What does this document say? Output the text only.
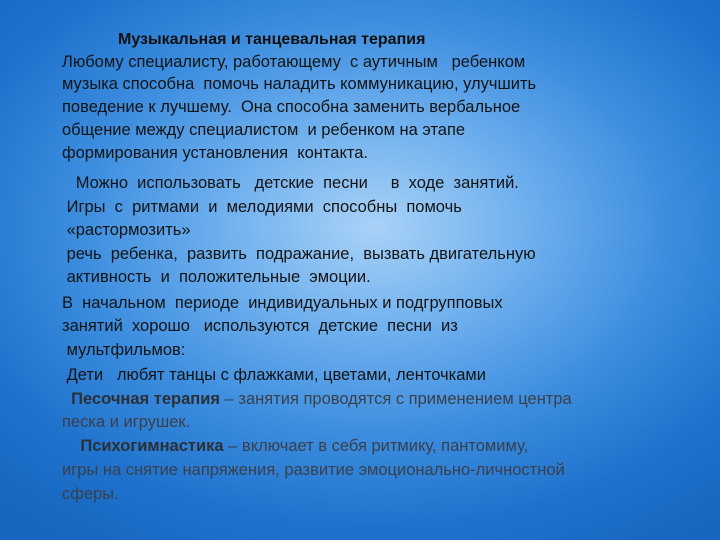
Музыкальная и танцевальная терапия
Любому специалисту, работающему  с аутичным   ребенком
музыка способна  помочь наладить коммуникацию, улучшить
поведение к лучшему.  Она способна заменить вербальное
общение между специалистом  и ребенком на этапе
формирования установления  контакта.
Можно  использовать   детские  песни     в  ходе  занятий.
Игры  с  ритмами  и  мелодиями  способны  помочь
«растормозить»
речь  ребенка,  развить  подражание,  вызвать двигательную
активность  и  положительные  эмоции.
В  начальном  периоде  индивидуальных и подгрупповых
занятий  хорошо   используются  детские  песни  из
мультфильмов:
Дети   любят танцы с флажками, цветами, ленточками
Песочная терапия – занятия проводятся с применением центра
песка и игрушек.
Психогимнастика – включает в себя ритмику, пантомиму,
игры на снятие напряжения, развитие эмоционально-личностной
сферы.
